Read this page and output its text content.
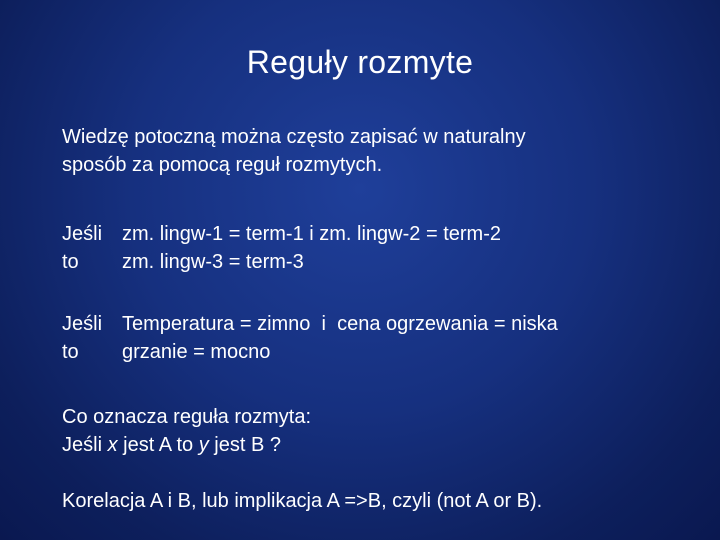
Reguły rozmyte
Wiedzę potoczną można często zapisać w naturalny
sposób za pomocą reguł rozmytych.
Jeśli zm. lingw-1 = term-1 i zm. lingw-2 = term-2
to zm. lingw-3 = term-3
Jeśli Temperatura = zimno  i  cena ogrzewania = niska
to grzanie = mocno
Co oznacza reguła rozmyta:
Jeśli x jest A to y jest B ?
Korelacja A i B, lub implikacja A =>B, czyli (not A or B).
